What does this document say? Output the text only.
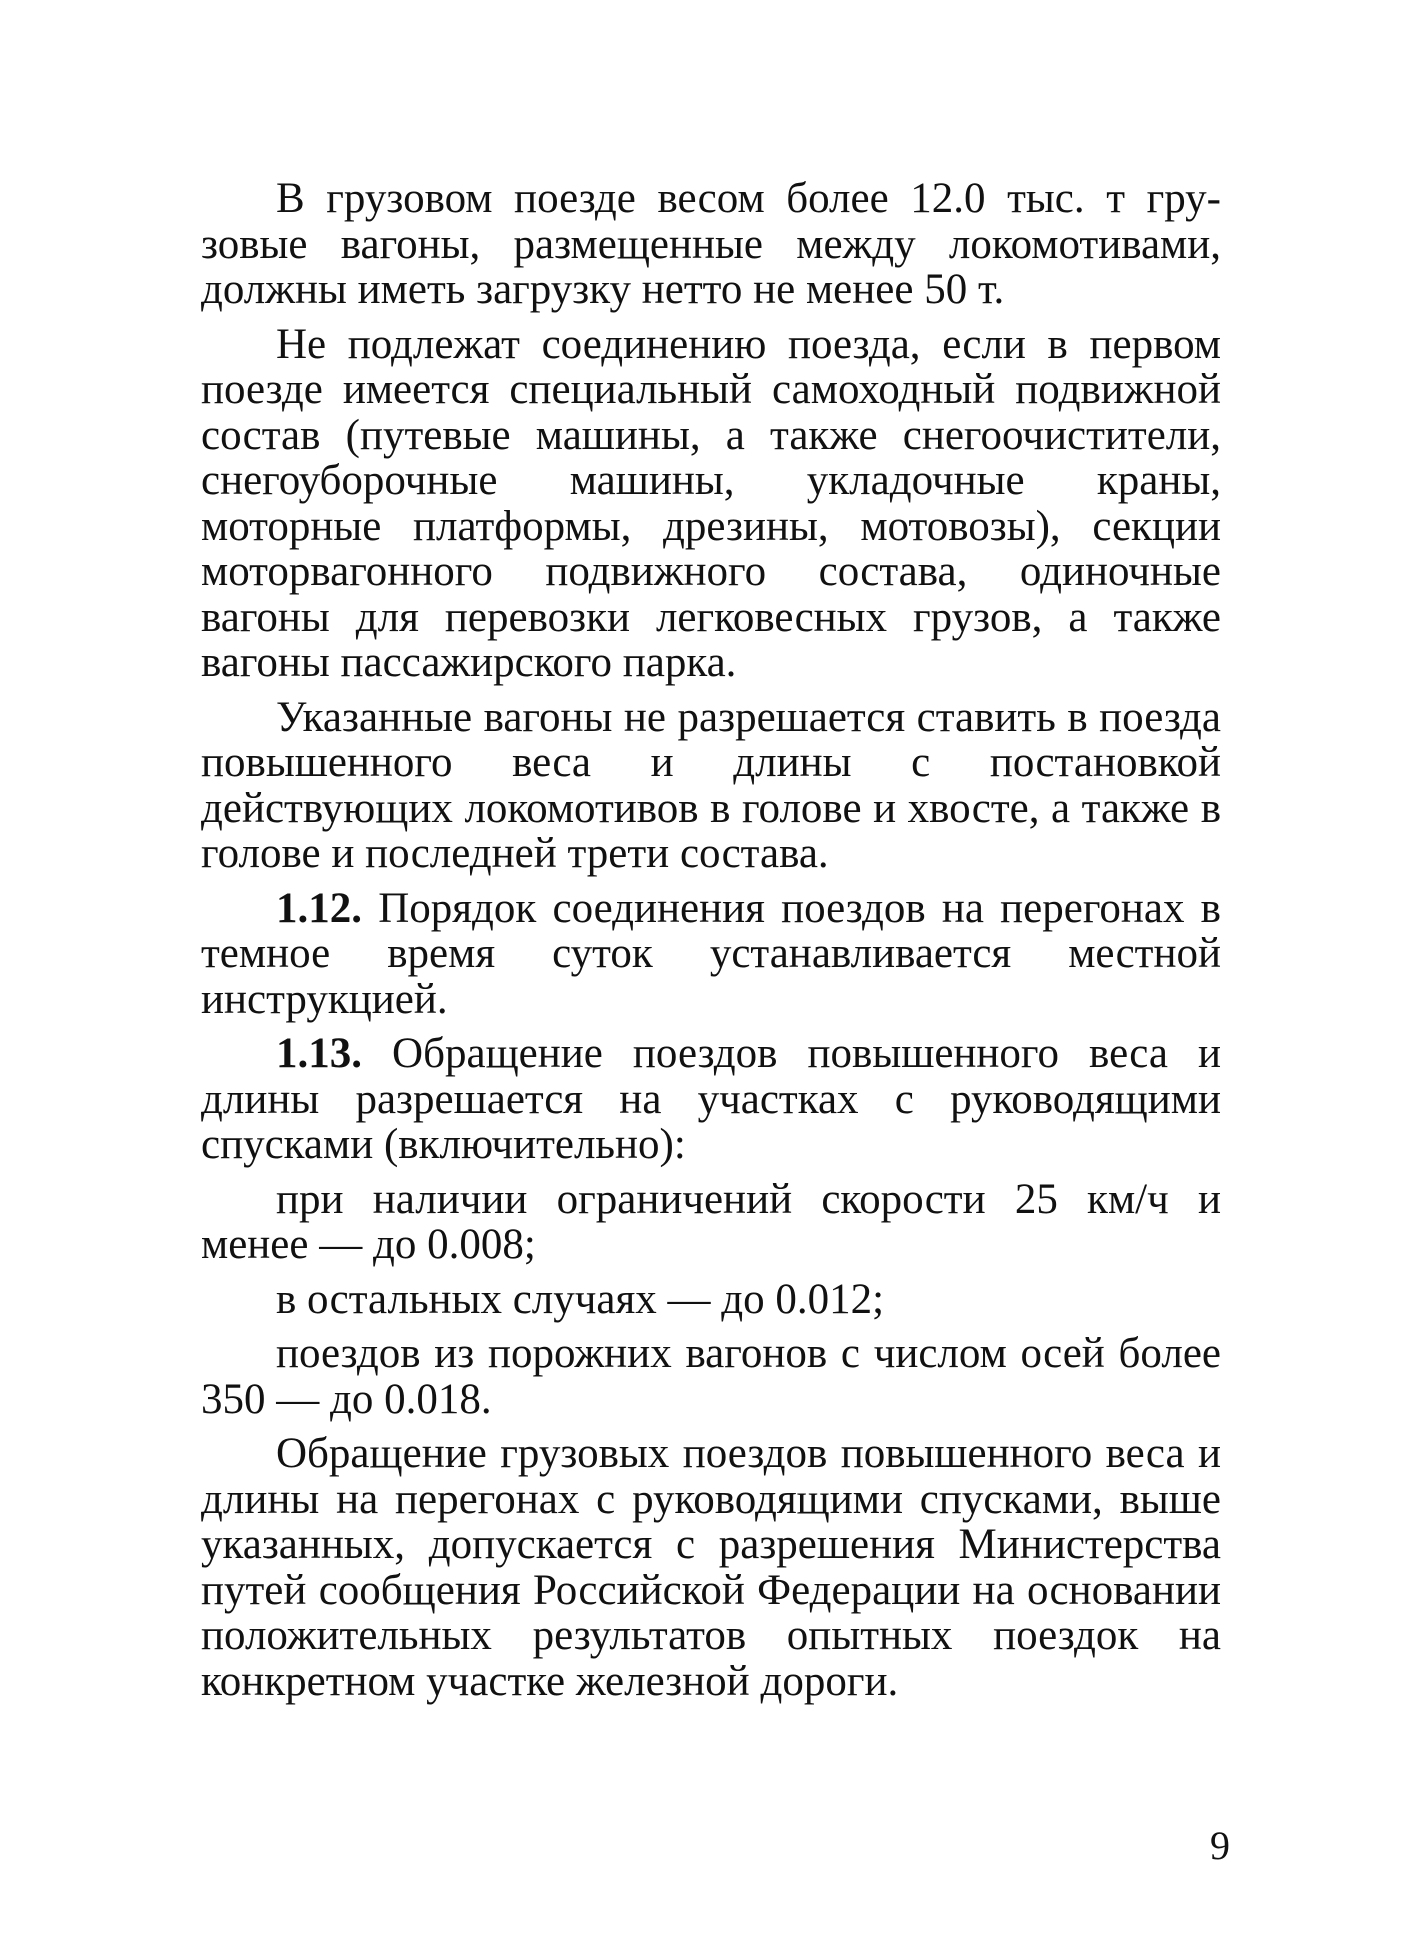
В грузовом поезде весом более 12.0 тыс. т грузовые вагоны, размещенные между локомотивами, должны иметь загрузку нетто не менее 50 т.

Не подлежат соединению поезда, если в первом поезде имеется специальный самоходный подвижной состав (путевые машины, а также снегоочистители, снегоуборочные машины, укладочные краны, моторные платформы, дрезины, мотовозы), секции моторвагонного подвижного состава, одиночные вагоны для перевозки легковесных грузов, а также вагоны пассажирского парка.

Указанные вагоны не разрешается ставить в поезда повышенного веса и длины с постановкой действующих локомотивов в голове и хвосте, а также в голове и последней трети состава.

1.12. Порядок соединения поездов на перегонах в темное время суток устанавливается местной инструкцией.

1.13. Обращение поездов повышенного веса и длины разрешается на участках с руководящими спусками (включительно):

при наличии ограничений скорости 25 км/ч и менее — до 0.008;

в остальных случаях — до 0.012;

поездов из порожних вагонов с числом осей более 350 — до 0.018.

Обращение грузовых поездов повышенного веса и длины на перегонах с руководящими спусками, выше указанных, допускается с разрешения Министерства путей сообщения Российской Федерации на основании положительных результатов опытных поездок на конкретном участке железной дороги.

9
